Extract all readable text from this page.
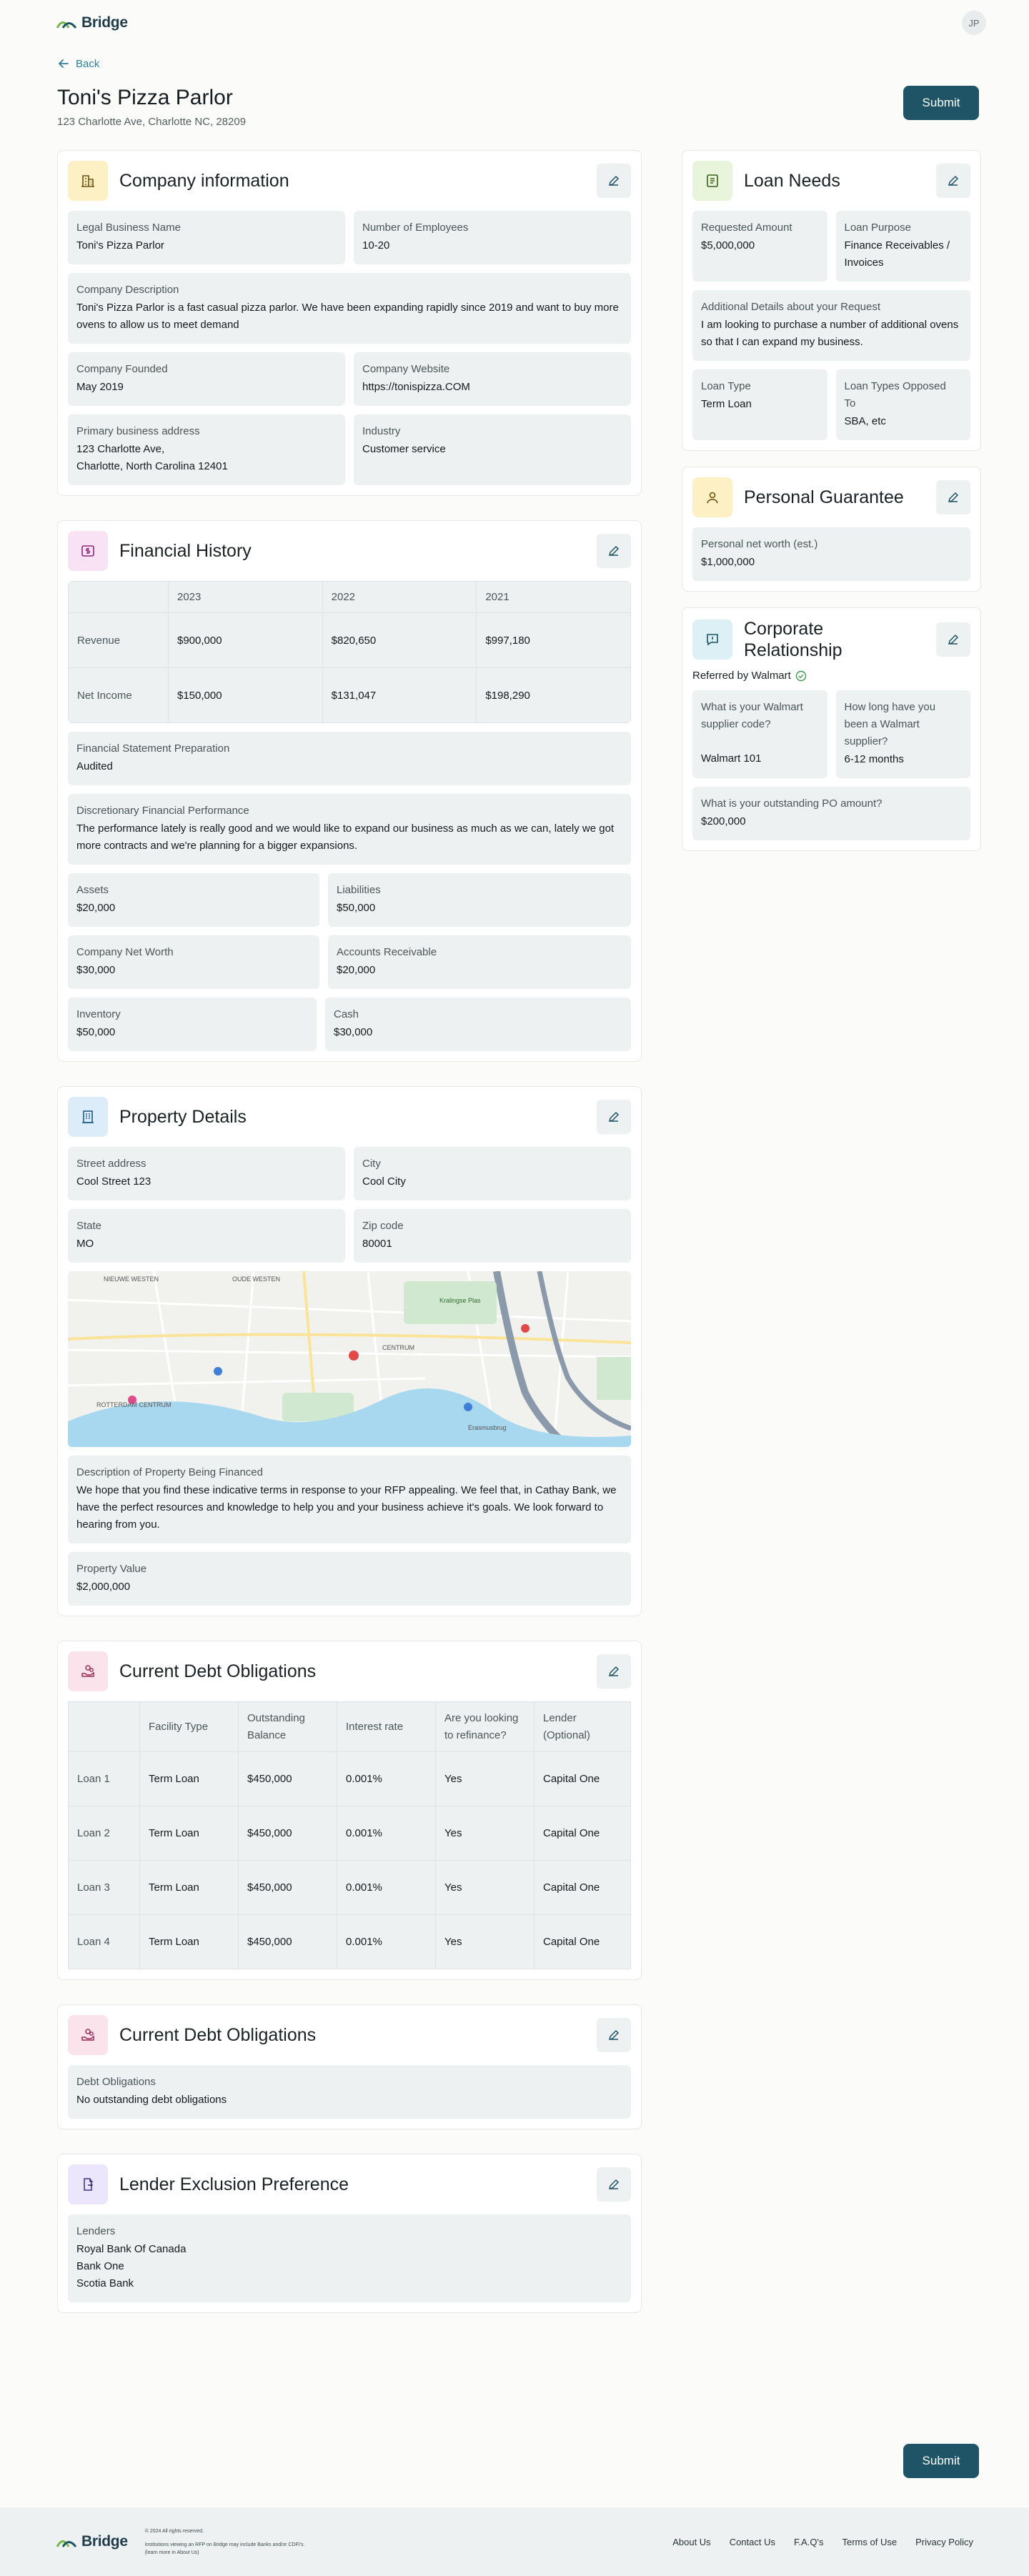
Bridge	JP
Back
Toni's Pizza Parlor
123 Charlotte Ave, Charlotte NC, 28209
Submit
Company information
Legal Business Name
Toni's Pizza Parlor
Number of Employees
10-20
Company Description
Toni's Pizza Parlor is a fast casual pizza parlor. We have been expanding rapidly since 2019 and want to buy more ovens to allow us to meet demand
Company Founded
May 2019
Company Website
https://tonispizza.COM
Primary business address
123 Charlotte Ave,
Charlotte, North Carolina 12401
Industry
Customer service
Financial History
	2023	2022	2021
Revenue	$900,000	$820,650	$997,180
Net Income	$150,000	$131,047	$198,290
Financial Statement Preparation
Audited
Discretionary Financial Performance
The performance lately is really good and we would like to expand our business as much as we can, lately we got more contracts and we're planning for a bigger expansions.
Assets
$20,000
Liabilities
$50,000
Company Net Worth
$30,000
Accounts Receivable
$20,000
Inventory
$50,000
Cash
$30,000
Property Details
Street address
Cool Street 123
City
Cool City
State
MO
Zip code
80001
NIEUWE WESTEN	OUDE WESTEN
CENTRUM
ROTTERDAM CENTRUM
Kralingse Plas
Erasmusbrug
Description of Property Being Financed
We hope that you find these indicative terms in response to your RFP appealing. We feel that, in Cathay Bank, we have the perfect resources and knowledge to help you and your business achieve it's goals. We look forward to hearing from you.
Property Value
$2,000,000
Current Debt Obligations
	Facility Type	Outstanding Balance	Interest rate	Are you looking to refinance?	Lender (Optional)
Loan 1	Term Loan	$450,000	0.001%	Yes	Capital One
Loan 2	Term Loan	$450,000	0.001%	Yes	Capital One
Loan 3	Term Loan	$450,000	0.001%	Yes	Capital One
Loan 4	Term Loan	$450,000	0.001%	Yes	Capital One
Current Debt Obligations
Debt Obligations
No outstanding debt obligations
Lender Exclusion Preference
Lenders
Royal Bank Of Canada
Bank One
Scotia Bank
Loan Needs
Requested Amount
$5,000,000
Loan Purpose
Finance Receivables /
Invoices
Additional Details about your Request
I am looking to purchase a number of additional ovens so that I can expand my business.
Loan Type
Term Loan
Loan Types Opposed
To
SBA, etc
Personal Guarantee
Personal net worth (est.)
$1,000,000
Corporate
Relationship
Referred by Walmart
What is your Walmart
supplier code?
Walmart 101
How long have you
been a Walmart
supplier?
6-12 months
What is your outstanding PO amount?
$200,000
Submit
Bridge
© 2024 All rights reserved.
Institutions viewing an RFP on Bridge may include Banks and/or CDFI's. (learn more in About Us)
About Us Contact Us F.A.Q's Terms of Use Privacy Policy
